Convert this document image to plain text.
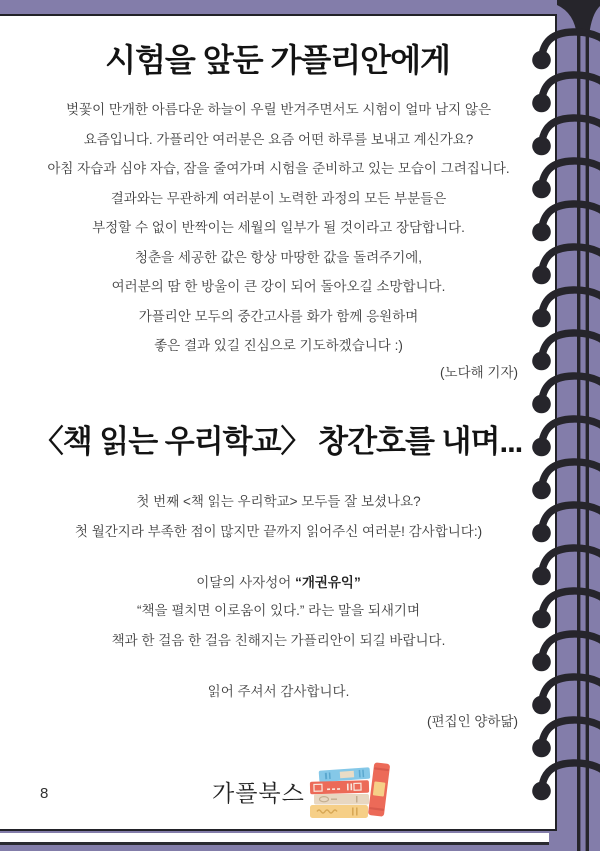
시험을 앞둔 가플리안에게
벚꽃이 만개한 아름다운 하늘이 우릴 반겨주면서도 시험이 얼마 남지 않은
요즘입니다. 가플리안 여러분은 요즘 어떤 하루를 보내고 계신가요?
아침 자습과 심야 자습, 잠을 줄여가며 시험을 준비하고 있는 모습이 그려집니다.
결과와는 무관하게 여러분이 노력한 과정의 모든 부분들은
부정할 수 없이 반짝이는 세월의 일부가 될 것이라고 장담합니다.
청춘을 세공한 값은 항상 마땅한 값을 돌려주기에,
여러분의 땀 한 방울이 큰 강이 되어 돌아오길 소망합니다.
가플리안 모두의 중간고사를 화가 함께 응원하며
좋은 결과 있길 진심으로 기도하겠습니다 :)
(노다해 기자)
〈책 읽는 우리학교〉 창간호를 내며...
첫 번째 <책 읽는 우리학교> 모두들 잘 보셨나요?
첫 월간지라 부족한 점이 많지만 끝까지 읽어주신 여러분! 감사합니다:)
이달의 사자성어 “개권유익”
“책을 펼치면 이로움이 있다.” 라는 말을 되새기며
책과 한 걸음 한 걸음 친해지는 가플리안이 되길 바랍니다.
읽어 주셔서 감사합니다.
(편집인 양하닮)
8	가플북스
